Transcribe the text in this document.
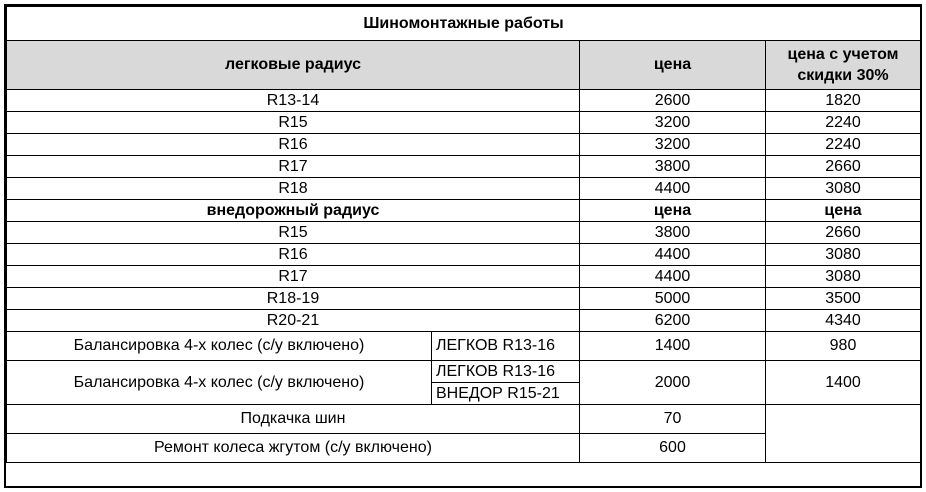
Шиномонтажные работы			
легковые радиус		цена	цена с учетом скидки 30%
R13-14		2600	1820
R15		3200	2240
R16		3200	2240
R17		3800	2660
R18		4400	3080
внедорожный радиус		цена	цена
R15		3800	2660
R16		4400	3080
R17		4400	3080
R18-19		5000	3500
R20-21		6200	4340
Балансировка 4-х колес (с/у включено)	ЛЕГКОВ R13-16	1400	980
Балансировка 4-х колес (с/у включено)	ЛЕГКОВ R13-16	2000	1400
	ВНЕДОР R15-21		
Подкачка шин		70	
Ремонт колеса жгутом (с/у включено)		600	
